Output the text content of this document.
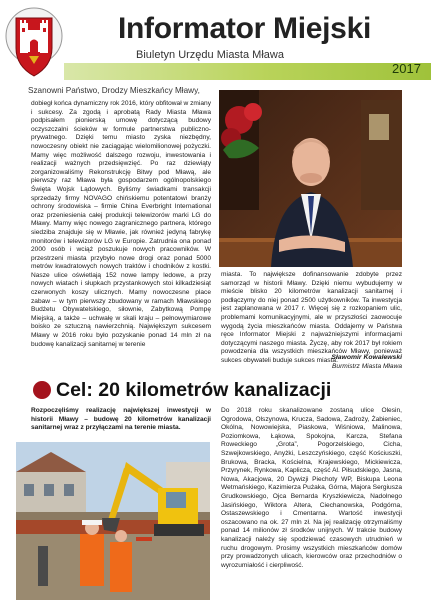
Informator Miejski
Biuletyn Urzędu Miasta Mława
2017
Szanowni Państwo, Drodzy Mieszkańcy Mławy,

dobiegł końca dynamiczny rok 2016, który obfitował w zmiany i sukcesy. Za zgodą i aprobatą Rady Miasta Mława podpisałem pionierską umowę dotyczącą budowy oczyszczalni ścieków w formule partnerstwa publiczno-prywatnego. Dzięki temu miasto zyska niezbędny, nowoczesny obiekt nie zaciągając wielomilionowej pożyczki. Mamy więc możliwość dalszego rozwoju, inwestowania i realizacji ważnych przedsięwzięć. Po raz dziewiąty zorganizowaliśmy Rekonstrukcję Bitwy pod Mławą, ale pierwszy raz Mława była gospodarzem ogólnopolskiego Święta Wojsk Lądowych. Byliśmy świadkami transakcji sprzedaży firmy NOVAGO chińskiemu potentatowi branży ochrony środowiska – firmie China Everbright International oraz przeniesienia całej produkcji telewizorów marki LG do Mławy. Mamy więc nowego zagranicznego partnera, którego siedziba znajduje się w Mławie, jak również jedyną fabrykę monitorów i telewizorów LG w Europie. Zatrudnia ona ponad 2000 osób i wciąż poszukuje nowych pracowników. W przestrzeni miasta przybyło nowe drogi oraz ponad 5000 metrów kwadratowych nowych traktów i chodników z kostki. Nasze ulice oświetlają 152 nowe lampy ledowe, a przy nowych wiatach i słupkach przystankowych stoi kilkadziesiąt czerwonych koszy ulicznych. Mamy nowoczesne place zabaw – w tym pierwszy zbudowany w ramach Mławskiego Budżetu Obywatelskiego, siłownie, Zabytkową Pompę Miejską, a także – uchwałę w skali kraju – pełnowymiarowe boisko ze sztuczną nawierzchnią. Największym sukcesem Mławy w 2016 roku było pozyskanie ponad 14 mln zł na budowę kanalizacji sanitarnej w terenie

miasta. To największe dofinansowanie zdobyte przez samorząd w historii Mławy. Dzięki niemu wybudujemy w mieście blisko 20 kilometrów kanalizacji sanitarnej i podłączymy do niej ponad 2500 użytkowników. Ta inwestycja jest zaplanowana w 2017 r. Więcej się z rozkopaniem ulic, problemami komunikacyjnymi, ale w przyszłości zaowocuje wygodą życia mieszkańców miasta. Oddajemy w Państwa ręce Informator Miejski z najważniejszymi informacjami dotyczącymi naszego miasta. Życzę, aby rok 2017 był rokiem powodzenia dla wszystkich mieszkańców Mławy, ponieważ sukces obywateli buduje sukces miasta.

Sławomir Kowalewski
Burmistrz Miasta Mława
Cel: 20 kilometrów kanalizacji

Rozpoczęliśmy realizację największej inwestycji w historii Mławy – budowę 20 kilometrów kanalizacji sanitarnej wraz z przyłączami na terenie miasta.

Do 2018 roku skanalizowane zostaną ulice Olesin, Ogrodowa, Olszynowa, Krucza, Sadowa, Zadroży, Żabieniec, Okólna, Nowowiejska, Piaskowa, Wiśniowa, Malinowa, Poziomkowa, Łąkowa, Spokojna, Karcza, Stefana Roweckiego „Grota”, Pogorzelskiego, Cicha, Szwejkowskiego, Anyżki, Leszczyńskiego, część Kościuszki, Brukowa, Bracka, Kościelna, Krajewskiego, Mickiewicza, Przyrynek, Rynkowa, Kaplicza, część Al. Piłsudskiego, Jasna, Nowa, Akacjowa, 20 Dywizji Piechoty WP, Biskupa Leona Wetmańskiego, Kazimierza Pużaka, Górna, Majora Sergiusza Grudkowskiego, Ojca Bernarda Kryszkiewicza, Nadolnego Jasińskiego, Wiktora Altera, Ciechanowska, Podgórna, Ostaszewskiego i Cmentarna. Wartość inwestycji oszacowano na ok. 27 mln zł. Na jej realizację otrzymaliśmy ponad 14 milionów zł środków unijnych. W trakcie budowy kanalizacji należy się spodziewać czasowych utrudnień w ruchu drogowym. Prosimy wszystkich mieszkańców domów przy prowadzonych ulicach, kierowców oraz przechodniów o wyrozumiałość i cierpliwość.
